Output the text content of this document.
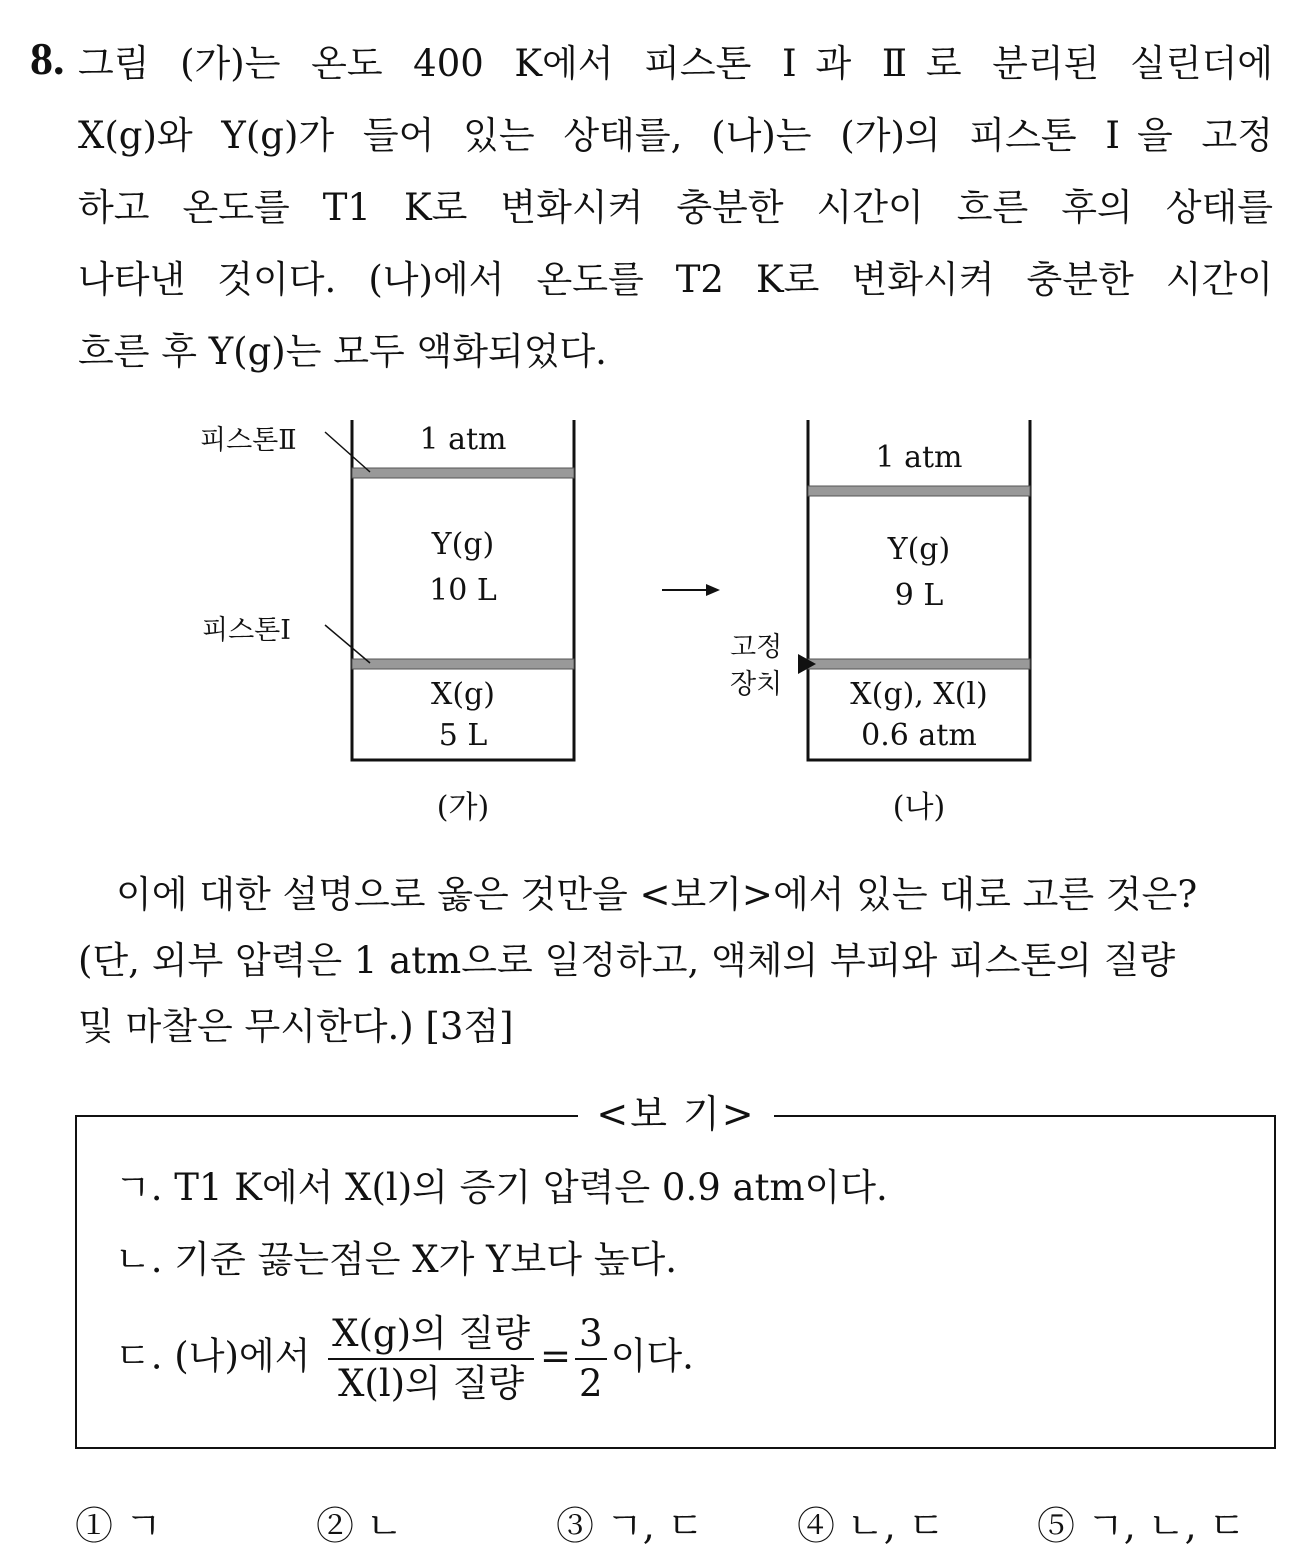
8. 그림 (가)는 온도 400 K에서 피스톤 Ⅰ과 Ⅱ로 분리된 실린더에
X(g)와 Y(g)가 들어 있는 상태를, (나)는 (가)의 피스톤 Ⅰ을 고정
하고 온도를 T1 K로 변화시켜 충분한 시간이 흐른 후의 상태를
나타낸 것이다. (나)에서 온도를 T2 K로 변화시켜 충분한 시간이
흐른 후 Y(g)는 모두 액화되었다.
피스톤Ⅱ
피스톤Ⅰ
1 atm
Y(g)
10 L
X(g)
5 L
(가)
고정
장치
1 atm
Y(g)
9 L
X(g), X(l)
0.6 atm
(나)
이에 대한 설명으로 옳은 것만을 <보기>에서 있는 대로 고른 것은?
(단, 외부 압력은 1 atm으로 일정하고, 액체의 부피와 피스톤의 질량
및 마찰은 무시한다.) [3점]
<보 기>
ㄱ. T1 K에서 X(l)의 증기 압력은 0.9 atm이다.
ㄴ. 기준 끓는점은 X가 Y보다 높다.
ㄷ. (나)에서 $\frac{\text{X(g)의 질량}}{\text{X(l)의 질량}} = \frac{3}{2}$ 이다.
① ㄱ	② ㄴ	③ ㄱ, ㄷ ④ ㄴ, ㄷ ⑤ ㄱ, ㄴ, ㄷ
